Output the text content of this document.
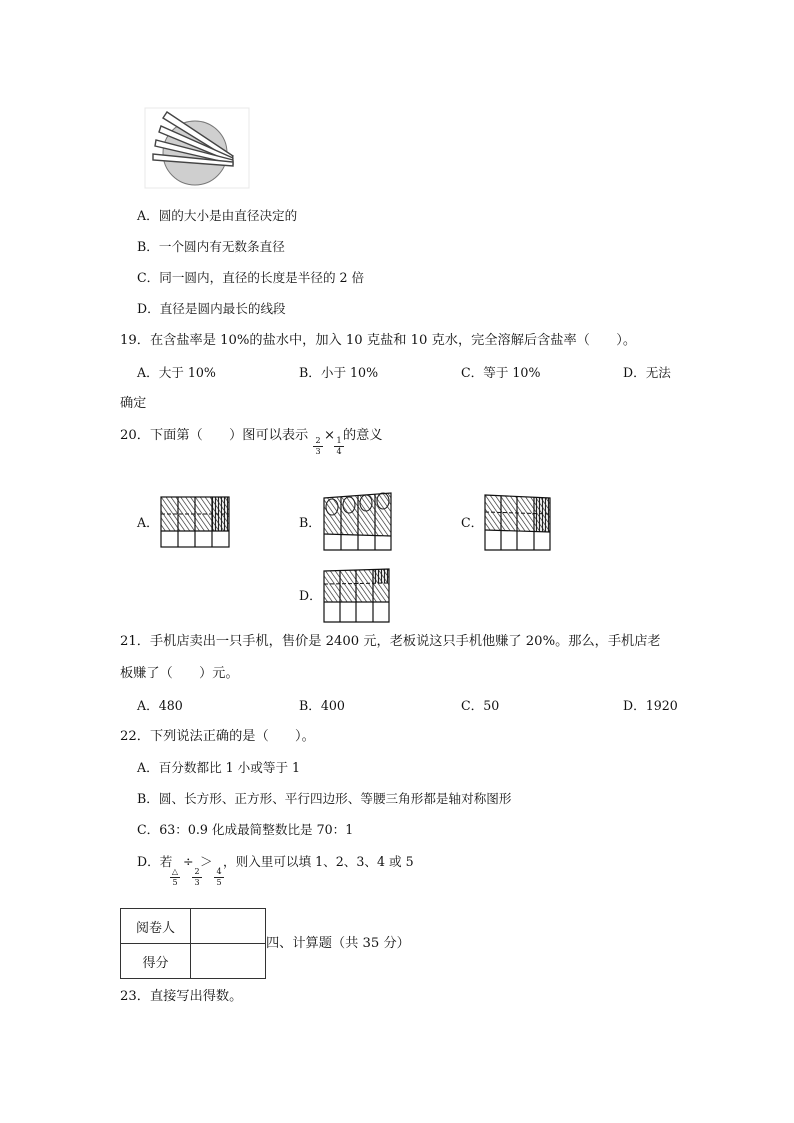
A．圆的大小是由直径决定的
B．一个圆内有无数条直径
C．同一圆内，直径的长度是半径的 2 倍
D．直径是圆内最长的线段
19．在含盐率是 10%的盐水中，加入 10 克盐和 10 克水，完全溶解后含盐率（　　）。
A．大于 10%	B．小于 10%	C．等于 10%	D．无法
确定
20．下面第（　　）图可以表示 2
3
× 1
4
的意义
A．	B．	C．
D．
21．手机店卖出一只手机，售价是 2400 元，老板说这只手机他赚了 20%。那么，手机店老
板赚了（　　）元。
A．480	B．400	C．50	D．1920
22．下列说法正确的是（　　）。
A．百分数都比 1 小或等于 1
B．圆、长方形、正方形、平行四边形、等腰三角形都是轴对称图形
C．63：0.9 化成最简整数比是 70：1
D．若
△
5
÷
2
3
＞
4
5
，则入里可以填 1、2、3、4 或 5
阅卷人	
得分	
四、计算题（共 35 分）
23．直接写出得数。
